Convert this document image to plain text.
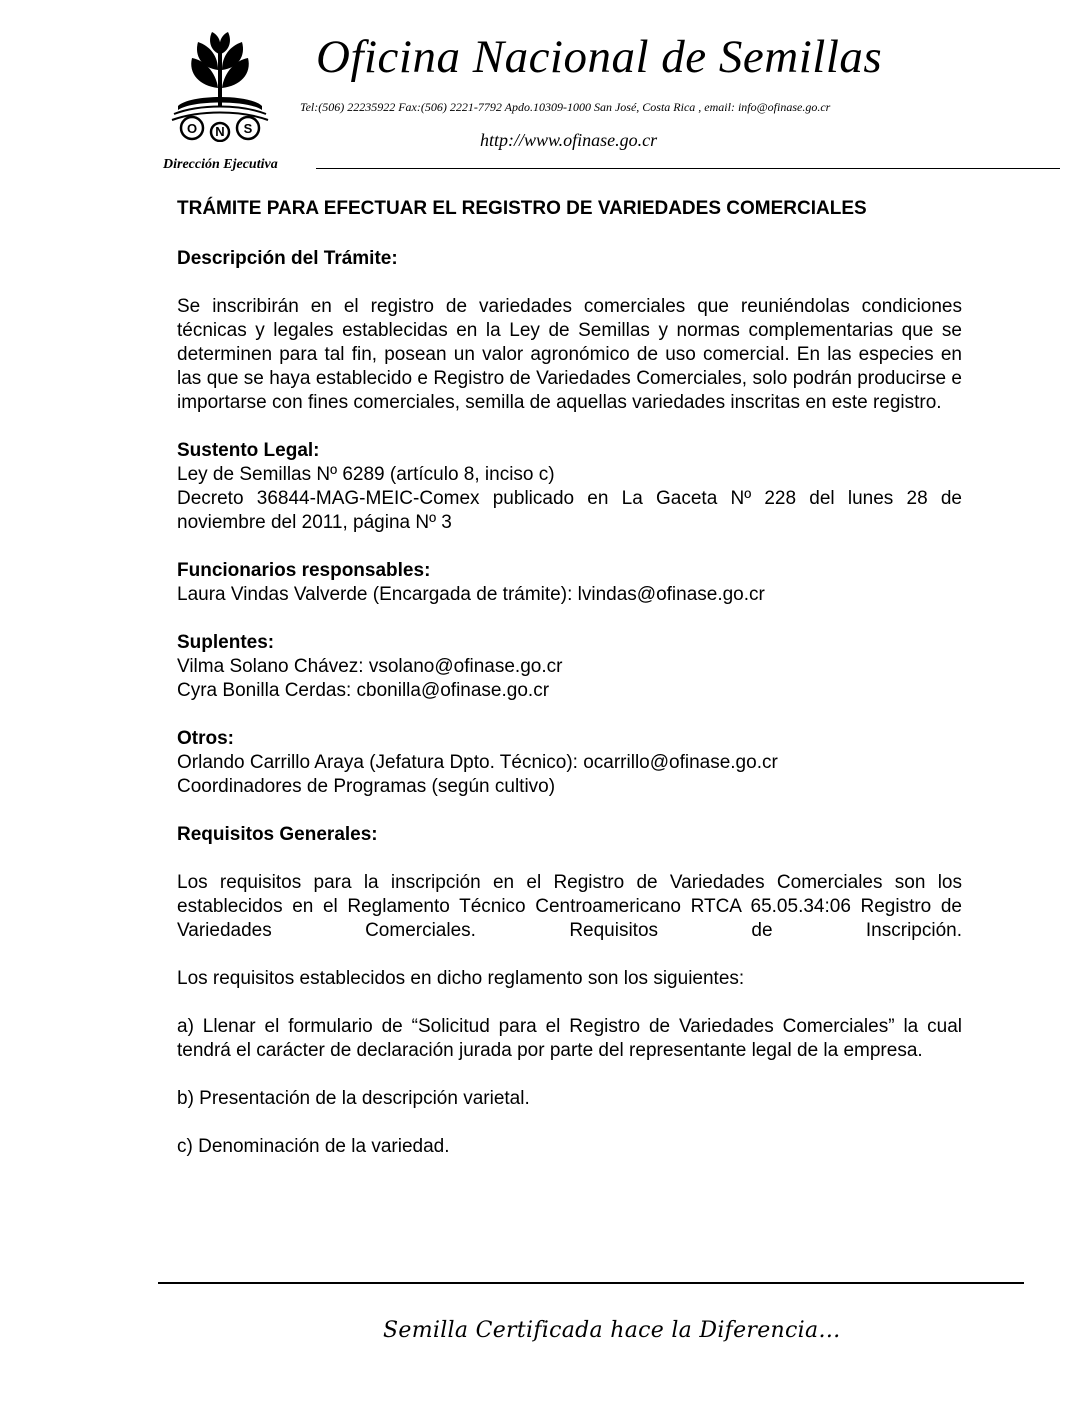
O N S
Oficina Nacional de Semillas
Tel:(506) 22235922 Fax:(506) 2221-7792 Apdo.10309-1000 San José, Costa Rica , email: info@ofinase.go.cr
http://www.ofinase.go.cr
Dirección Ejecutiva

TRÁMITE PARA EFECTUAR EL REGISTRO DE VARIEDADES COMERCIALES

Descripción del Trámite:

Se inscribirán en el registro de variedades comerciales que reuniéndolas condiciones técnicas y legales establecidas en la Ley de Semillas y normas complementarias que se determinen para tal fin, posean un valor agronómico de uso comercial. En las especies en las que se haya establecido e Registro de Variedades Comerciales, solo podrán producirse e importarse con fines comerciales, semilla de aquellas variedades inscritas en este registro.

Sustento Legal:

Ley de Semillas Nº 6289 (artículo 8, inciso c)

Decreto 36844-MAG-MEIC-Comex publicado en La Gaceta Nº 228 del lunes 28 de noviembre del 2011, página Nº 3

Funcionarios responsables:

Laura Vindas Valverde (Encargada de trámite): lvindas@ofinase.go.cr

Suplentes:

Vilma Solano Chávez: vsolano@ofinase.go.cr

Cyra Bonilla Cerdas: cbonilla@ofinase.go.cr

Otros:

Orlando Carrillo Araya (Jefatura Dpto. Técnico): ocarrillo@ofinase.go.cr

Coordinadores de Programas (según cultivo)

Requisitos Generales:

Los requisitos para la inscripción en el Registro de Variedades Comerciales son los establecidos en el Reglamento Técnico Centroamericano RTCA 65.05.34:06 Registro de Variedades Comerciales. Requisitos de Inscripción.

Los requisitos establecidos en dicho reglamento son los siguientes:

a) Llenar el formulario de “Solicitud para el Registro de Variedades Comerciales” la cual tendrá el carácter de declaración jurada por parte del representante legal de la empresa.

b) Presentación de la descripción varietal.

c) Denominación de la variedad.

Semilla Certificada hace la Diferencia…
